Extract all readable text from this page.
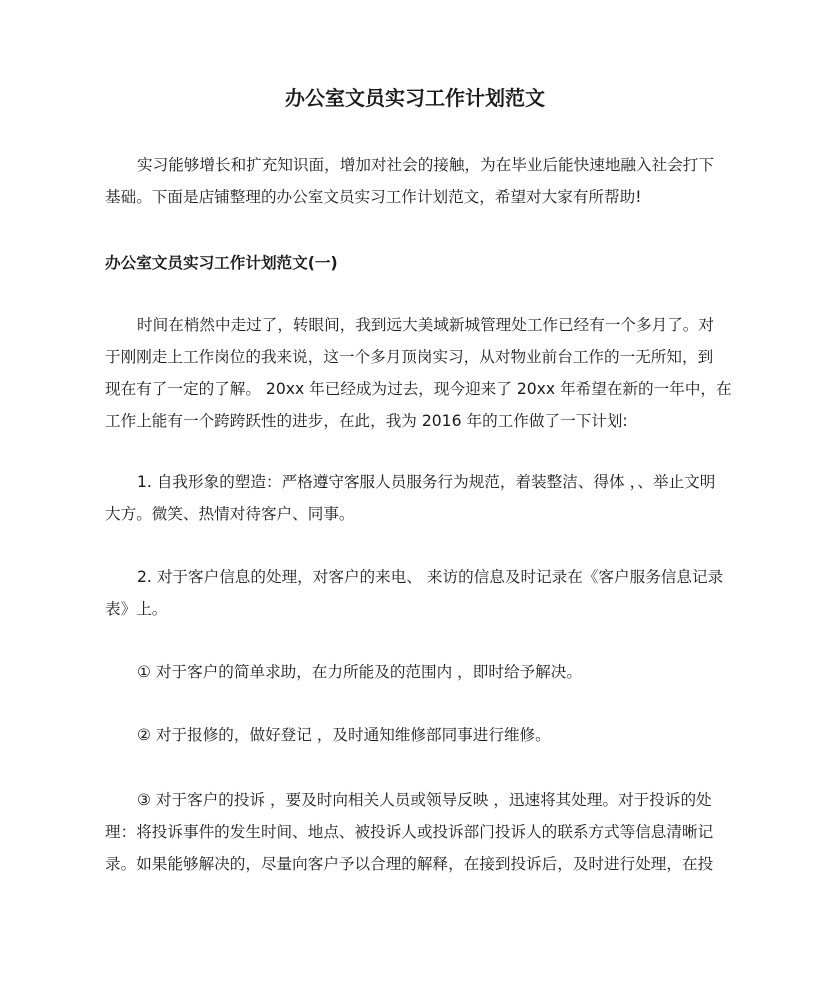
办公室文员实习工作计划范文
实习能够增长和扩充知识面，增加对社会的接触，为在毕业后能快速地融入社会打下
基础。下面是店铺整理的办公室文员实习工作计划范文，希望对大家有所帮助!
办公室文员实习工作计划范文(一)
时间在梢然中走过了，转眼间，我到远大美域新城管理处工作已经有一个多月了。对
于刚刚走上工作岗位的我来说，这一个多月顶岗实习，从对物业前台工作的一无所知，到
现在有了一定的了解。 20xx 年已经成为过去，现今迎来了 20xx 年希望在新的一年中，在
工作上能有一个跨跨跃性的进步，在此，我为 2016 年的工作做了一下计划:
1. 自我形象的塑造：严格遵守客服人员服务行为规范，着装整洁、得体 ，、举止文明
大方。微笑、热情对待客户、同事。
2. 对于客户信息的处理，对客户的来电、 来访的信息及时记录在《客户服务信息记录
表》上。
① 对于客户的简单求助，在力所能及的范围内 ，即时给予解决。
② 对于报修的，做好登记 ，及时通知维修部同事进行维修。
③ 对于客户的投诉 ，要及时向相关人员或领导反映 ，迅速将其处理。对于投诉的处
理：将投诉事件的发生时间、地点、被投诉人或投诉部门投诉人的联系方式等信息清晰记
录。如果能够解决的，尽量向客户予以合理的解释，在接到投诉后，及时进行处理，在投
